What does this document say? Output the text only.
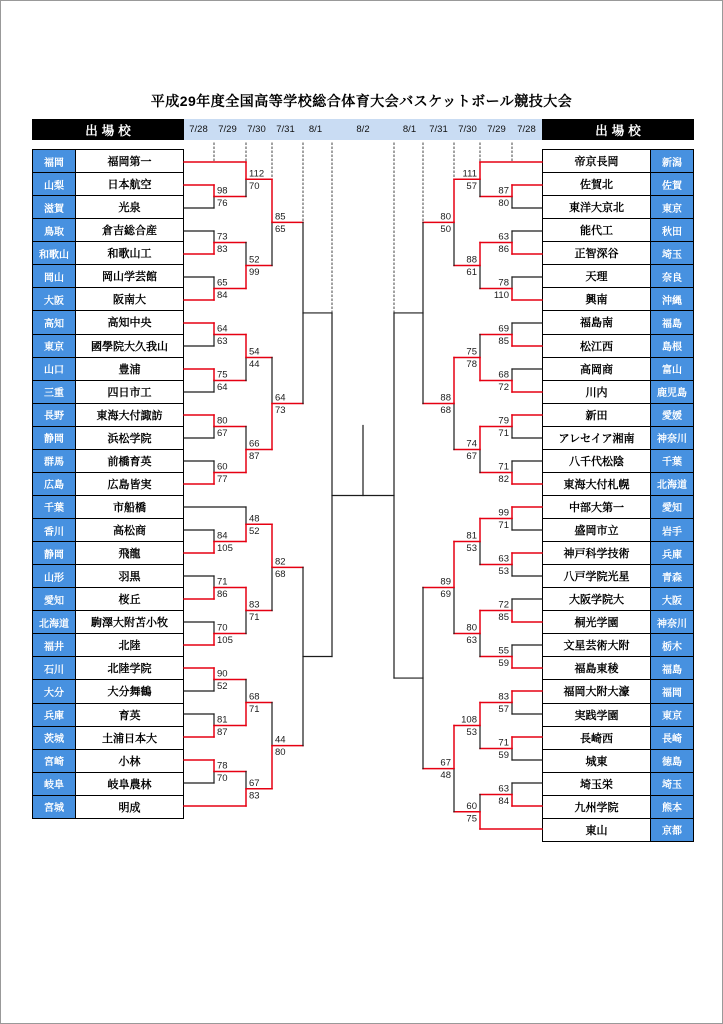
平成29年度全国高等学校総合体育大会バスケットボール競技大会
出場校	7/28	7/29	7/30	7/31	8/1	8/2	8/1	7/31	7/30	7/29	7/28	出場校
福岡	福岡第一
山梨	日本航空
滋賀	光泉
鳥取	倉吉総合産
和歌山	和歌山工
岡山	岡山学芸館
大阪	阪南大
高知	高知中央
東京	國學院大久我山
山口	豊浦
三重	四日市工
長野	東海大付諏訪
静岡	浜松学院
群馬	前橋育英
広島	広島皆実
千葉	市船橋
香川	高松商
静岡	飛龍
山形	羽黒
愛知	桜丘
北海道	駒澤大附苫小牧
福井	北陸
石川	北陸学院
大分	大分舞鶴
兵庫	育英
茨城	土浦日本大
宮崎	小林
岐阜	岐阜農林
宮城	明成
帝京長岡	新潟
佐賀北	佐賀
東洋大京北	東京
能代工	秋田
正智深谷	埼玉
天理	奈良
興南	沖縄
福島南	福島
松江西	島根
高岡商	富山
川内	鹿児島
新田	愛媛
アレセイア湘南	神奈川
八千代松陰	千葉
東海大付札幌	北海道
中部大第一	愛知
盛岡市立	岩手
神戸科学技術	兵庫
八戸学院光星	青森
大阪学院大	大阪
桐光学園	神奈川
文星芸術大附	栃木
福島東稜	福島
福岡大附大濠	福岡
実践学園	東京
長崎西	長崎
城東	徳島
埼玉栄	埼玉
九州学院	熊本
東山	京都
98
76
112
70
73
83
65
84
52
99
85
65
64
63
75
64
54
44
80
67
60
77
66
87
64
73
84
105
48
52
71
86
70
105
83
71
82
68
90
52
81
87
68
71
78
70 67
83
44
80
87
80
111
57
63
86
78
110
88
61
80
50
69
85
68
72
75
78
79
71
71
82
74
67
88
68
99
71
63
53
81
53
72
85
55
59
80
63
89
69
83
57
71
59
108
53
63
84
60
75
67
48
